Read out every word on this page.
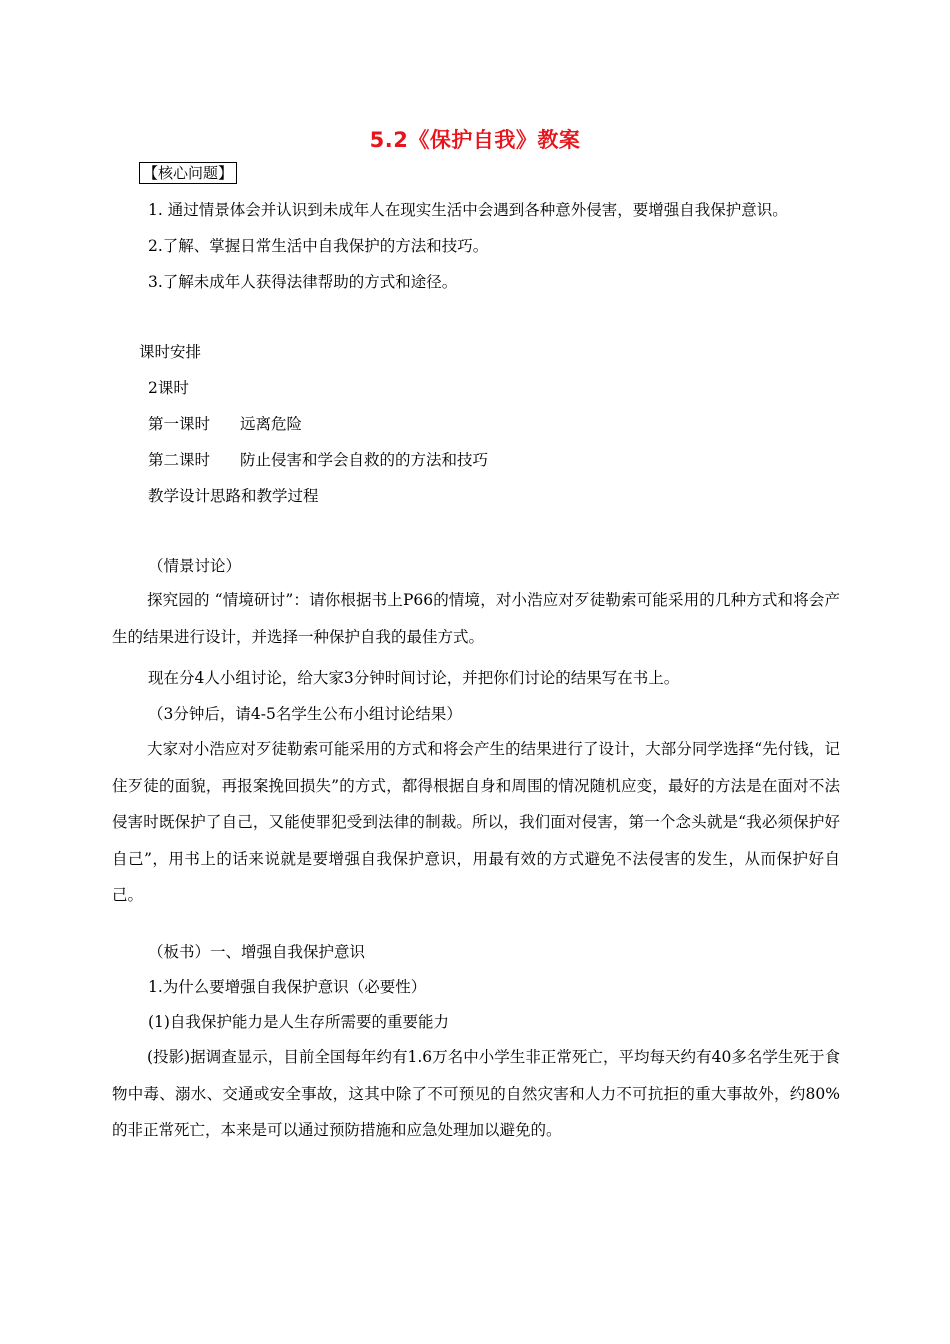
5.2《保护自我》教案
【核心问题】
1. 通过情景体会并认识到未成年人在现实生活中会遇到各种意外侵害，要增强自我保护意识。
2.了解、掌握日常生活中自我保护的方法和技巧。
3.了解未成年人获得法律帮助的方式和途径。
课时安排
2课时
第一课时 远离危险
第二课时 防止侵害和学会自救的的方法和技巧
教学设计思路和教学过程
（情景讨论）
探究园的 “情境研讨”：请你根据书上P66的情境，对小浩应对歹徒勒索可能采用的几种方式和将会产生的结果进行设计，并选择一种保护自我的最佳方式。
现在分4人小组讨论，给大家3分钟时间讨论，并把你们讨论的结果写在书上。
（3分钟后，请4-5名学生公布小组讨论结果）
大家对小浩应对歹徒勒索可能采用的方式和将会产生的结果进行了设计，大部分同学选择“先付钱，记住歹徒的面貌，再报案挽回损失”的方式，都得根据自身和周围的情况随机应变，最好的方法是在面对不法侵害时既保护了自己，又能使罪犯受到法律的制裁。所以，我们面对侵害，第一个念头就是“我必须保护好自己”，用书上的话来说就是要增强自我保护意识，用最有效的方式避免不法侵害的发生，从而保护好自己。
（板书）一、增强自我保护意识
1.为什么要增强自我保护意识（必要性）
(1)自我保护能力是人生存所需要的重要能力
(投影)据调查显示，目前全国每年约有1.6万名中小学生非正常死亡，平均每天约有40多名学生死于食物中毒、溺水、交通或安全事故，这其中除了不可预见的自然灾害和人力不可抗拒的重大事故外，约80%的非正常死亡，本来是可以通过预防措施和应急处理加以避免的。
